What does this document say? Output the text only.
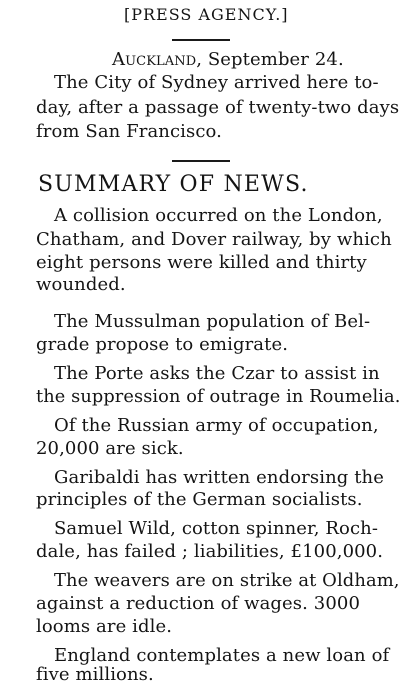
[PRESS AGENCY.]
Auckland, September 24.
The City of Sydney arrived here to-
day, after a passage of twenty-two days
from San Francisco.
SUMMARY OF NEWS.
A collision occurred on the London,
Chatham, and Dover railway, by which
eight persons were killed and thirty
wounded.
The Mussulman population of Bel-
grade propose to emigrate.
The Porte asks the Czar to assist in
the suppression of outrage in Roumelia.
Of the Russian army of occupation,
20,000 are sick.
Garibaldi has written endorsing the
principles of the German socialists.
Samuel Wild, cotton spinner, Roch-
dale, has failed ; liabilities, £100,000.
The weavers are on strike at Oldham,
against a reduction of wages. 3000
looms are idle.
England contemplates a new loan of
five millions.
